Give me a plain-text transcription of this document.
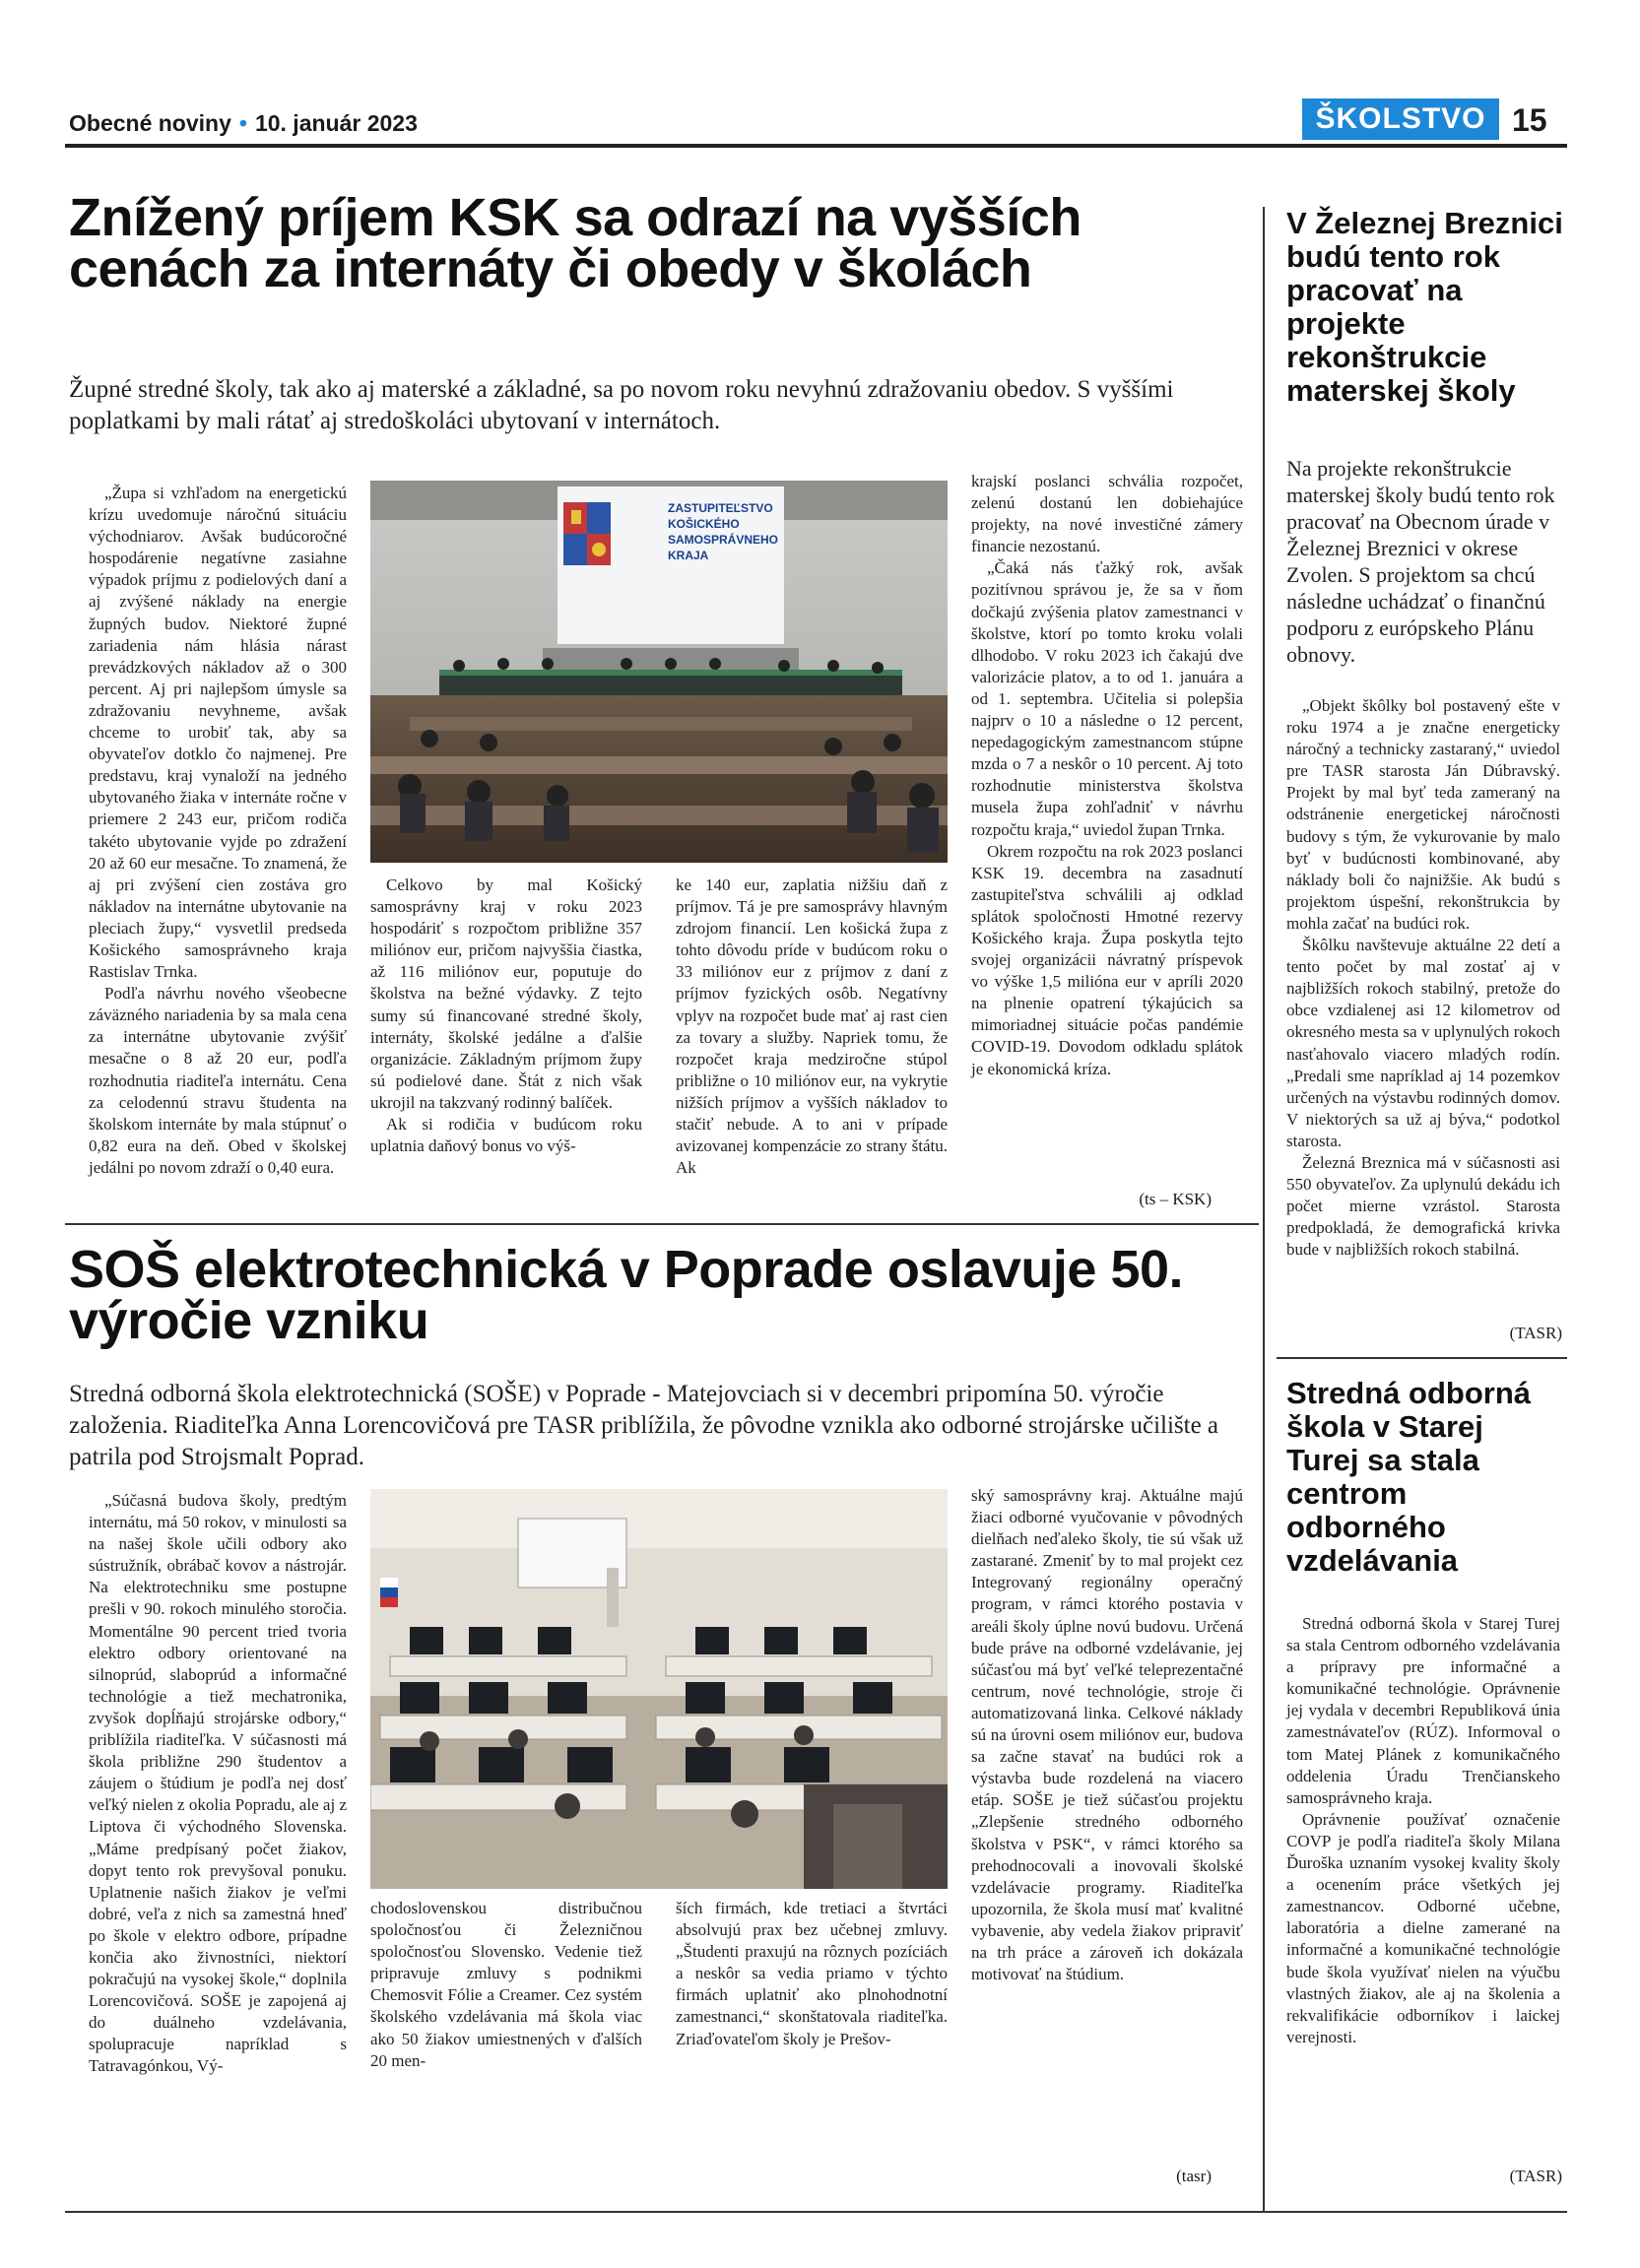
Obecné noviny • 10. január 2023	ŠKOLSTVO 15
Znížený príjem KSK sa odrazí na vyšších cenách za internáty či obedy v školách
Župné stredné školy, tak ako aj materské a základné, sa po novom roku nevyhnú zdražovaniu obedov. S vyššími poplatkami by mali rátať aj stredoškoláci ubytovaní v internátoch.

„Župa si vzhľadom na energetickú krízu uvedomuje náročnú situáciu východniarov. Avšak budúcoročné hospodárenie negatívne zasiahne výpadok príjmu z podielových daní a aj zvýšené náklady na energie župných budov. Niektoré župné zariadenia nám hlásia nárast prevádzkových nákladov až o 300 percent. Aj pri najlepšom úmysle sa zdražovaniu nevyhneme, avšak chceme to urobiť tak, aby sa obyvateľov dotklo čo najmenej. Pre predstavu, kraj vynaloží na jedného ubytovaného žiaka v internáte ročne v priemere 2 243 eur, pričom rodiča takéto ubytovanie vyjde po zdražení 20 až 60 eur mesačne. To znamená, že aj pri zvýšení cien zostáva gro nákladov na internátne ubytovanie na pleciach župy,“ vysvetlil predseda Košického samosprávneho kraja Rastislav Trnka.

Podľa návrhu nového všeobecne záväzného nariadenia by sa mala cena za internátne ubytovanie zvýšiť mesačne o 8 až 20 eur, podľa rozhodnutia riaditeľa internátu. Cena za celodennú stravu študenta na školskom internáte by mala stúpnuť o 0,82 eura na deň. Obed v školskej jedálni po novom zdraží o 0,40 eura.

ZASTUPITEĽSTVO KOŠICKÉHO SAMOSPRÁVNEHO KRAJA

Celkovo by mal Košický samosprávny kraj v roku 2023 hospodáriť s rozpočtom približne 357 miliónov eur, pričom najvyššia čiastka, až 116 miliónov eur, poputuje do školstva na bežné výdavky. Z tejto sumy sú financované stredné školy, internáty, školské jedálne a ďalšie organizácie. Základným príjmom župy sú podielové dane. Štát z nich však ukrojil na takzvaný rodinný balíček.

Ak si rodičia v budúcom roku uplatnia daňový bonus vo výš-

ke 140 eur, zaplatia nižšiu daň z príjmov. Tá je pre samosprávy hlavným zdrojom financií. Len košická župa z tohto dôvodu príde v budúcom roku o 33 miliónov eur z príjmov z daní z príjmov fyzických osôb. Negatívny vplyv na rozpočet bude mať aj rast cien za tovary a služby. Napriek tomu, že rozpočet kraja medziročne stúpol približne o 10 miliónov eur, na vykrytie nižších príjmov a vyšších nákladov to stačiť nebude. A to ani v prípade avizovanej kompenzácie zo strany štátu. Ak

krajskí poslanci schvália rozpočet, zelenú dostanú len dobiehajúce projekty, na nové investičné zámery financie nezostanú.

„Čaká nás ťažký rok, avšak pozitívnou správou je, že sa v ňom dočkajú zvýšenia platov zamestnanci v školstve, ktorí po tomto kroku volali dlhodobo. V roku 2023 ich čakajú dve valorizácie platov, a to od 1. januára a od 1. septembra. Učitelia si polepšia najprv o 10 a následne o 12 percent, nepedagogickým zamestnancom stúpne mzda o 7 a neskôr o 10 percent. Aj toto rozhodnutie ministerstva školstva musela župa zohľadniť v návrhu rozpočtu kraja,“ uviedol župan Trnka.

Okrem rozpočtu na rok 2023 poslanci KSK 19. decembra na zasadnutí zastupiteľstva schválili aj odklad splátok spoločnosti Hmotné rezervy Košického kraja. Župa poskytla tejto svojej organizácii návratný príspevok vo výške 1,5 milióna eur v apríli 2020 na plnenie opatrení týkajúcich sa mimoriadnej situácie počas pandémie COVID-19. Dovodom odkladu splátok je ekonomická kríza.

(ts – KSK)
SOŠ elektrotechnická v Poprade oslavuje 50. výročie vzniku
Stredná odborná škola elektrotechnická (SOŠE) v Poprade - Matejovciach si v decembri pripomína 50. výročie založenia. Riaditeľka Anna Lorencovičová pre TASR priblížila, že pôvodne vznikla ako odborné strojárske učilište a patrila pod Strojsmalt Poprad.

„Súčasná budova školy, predtým internátu, má 50 rokov, v minulosti sa na našej škole učili odbory ako sústružník, obrábač kovov a nástrojár. Na elektrotechniku sme postupne prešli v 90. rokoch minulého storočia. Momentálne 90 percent tried tvoria elektro odbory orientované na silnoprúd, slaboprúd a informačné technológie a tiež mechatronika, zvyšok dopĺňajú strojárske odbory,“ priblížila riaditeľka. V súčasnosti má škola približne 290 študentov a záujem o štúdium je podľa nej dosť veľký nielen z okolia Popradu, ale aj z Liptova či východného Slovenska. „Máme predpísaný počet žiakov, dopyt tento rok prevyšoval ponuku. Uplatnenie našich žiakov je veľmi dobré, veľa z nich sa zamestná hneď po škole v elektro odbore, prípadne končia ako živnostníci, niektorí pokračujú na vysokej škole,“ doplnila Lorencovičová. SOŠE je zapojená aj do duálneho vzdelávania, spolupracuje napríklad s Tatravagónkou, Vý-

chodoslovenskou distribučnou spoločnosťou či Železničnou spoločnosťou Slovensko. Vedenie tiež pripravuje zmluvy s podnikmi Chemosvit Fólie a Creamer. Cez systém školského vzdelávania má škola viac ako 50 žiakov umiestnených v ďalších 20 men-

ších firmách, kde tretiaci a štvrtáci absolvujú prax bez učebnej zmluvy. „Študenti praxujú na rôznych pozíciách a neskôr sa vedia priamo v týchto firmách uplatniť ako plnohodnotní zamestnanci,“ skonštatovala riaditeľka. Zriaďovateľom školy je Prešov-

ský samosprávny kraj. Aktuálne majú žiaci odborné vyučovanie v pôvodných dielňach neďaleko školy, tie sú však už zastarané. Zmeniť by to mal projekt cez Integrovaný regionálny operačný program, v rámci ktorého postavia v areáli školy úplne novú budovu. Určená bude práve na odborné vzdelávanie, jej súčasťou má byť veľké teleprezentačné centrum, nové technológie, stroje či automatizovaná linka. Celkové náklady sú na úrovni osem miliónov eur, budova sa začne stavať na budúci rok a výstavba bude rozdelená na viacero etáp. SOŠE je tiež súčasťou projektu „Zlepšenie stredného odborného školstva v PSK“, v rámci ktorého sa prehodnocovali a inovovali školské vzdelávacie programy. Riaditeľka upozornila, že škola musí mať kvalitné vybavenie, aby vedela žiakov pripraviť na trh práce a zároveň ich dokázala motivovať na štúdium.

(tasr)
V Železnej Breznici budú tento rok pracovať na projekte rekonštrukcie materskej školy
Na projekte rekonštrukcie materskej školy budú tento rok pracovať na Obecnom úrade v Železnej Breznici v okrese Zvolen. S projektom sa chcú následne uchádzať o finančnú podporu z európskeho Plánu obnovy.

„Objekt škôlky bol postavený ešte v roku 1974 a je značne energeticky náročný a technicky zastaraný,“ uviedol pre TASR starosta Ján Dúbravský. Projekt by mal byť teda zameraný na odstránenie energetickej náročnosti budovy s tým, že vykurovanie by malo byť v budúcnosti kombinované, aby náklady boli čo najnižšie. Ak budú s projektom úspešní, rekonštrukcia by mohla začať na budúci rok.

Škôlku navštevuje aktuálne 22 detí a tento počet by mal zostať aj v najbližších rokoch stabilný, pretože do obce vzdialenej asi 12 kilometrov od okresného mesta sa v uplynulých rokoch nasťahovalo viacero mladých rodín. „Predali sme napríklad aj 14 pozemkov určených na výstavbu rodinných domov. V niektorých sa už aj býva,“ podotkol starosta.

Železná Breznica má v súčasnosti asi 550 obyvateľov. Za uplynulú dekádu ich počet mierne vzrástol. Starosta predpokladá, že demografická krivka bude v najbližších rokoch stabilná.

(TASR)
Stredná odborná škola v Starej Turej sa stala centrom odborného vzdelávania

Stredná odborná škola v Starej Turej sa stala Centrom odborného vzdelávania a prípravy pre informačné a komunikačné technológie. Oprávnenie jej vydala v decembri Republiková únia zamestnávateľov (RÚZ). Informoval o tom Matej Plánek z komunikačného oddelenia Úradu Trenčianskeho samosprávneho kraja.

Oprávnenie používať označenie COVP je podľa riaditeľa školy Milana Ďuroška uznaním vysokej kvality školy a ocenením práce všetkých jej zamestnancov. Odborné učebne, laboratória a dielne zamerané na informačné a komunikačné technológie bude škola využívať nielen na výučbu vlastných žiakov, ale aj na školenia a rekvalifikácie odborníkov i laickej verejnosti.

(TASR)
